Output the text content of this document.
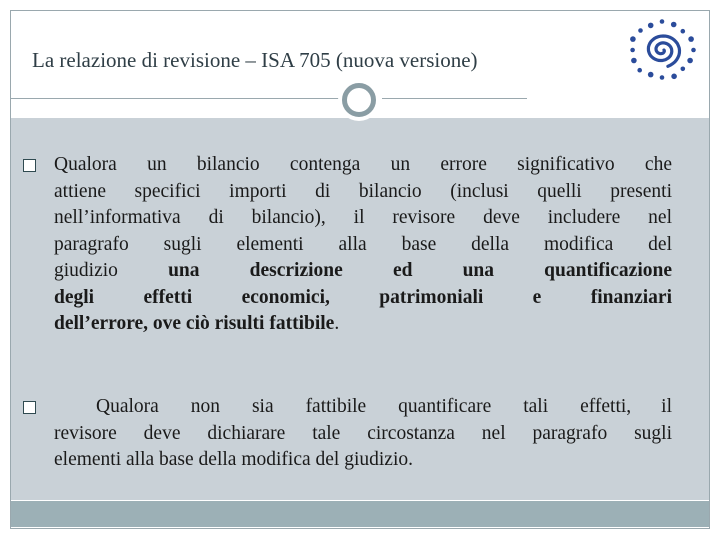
La relazione di revisione – ISA 705 (nuova versione)
Qualora un bilancio contenga un errore significativo che
attiene specifici importi di bilancio (inclusi quelli presenti
nell’informativa di bilancio), il revisore deve includere nel
paragrafo sugli elementi alla base della modifica del
giudizio	una descrizione ed una quantificazione
degli effetti economici, patrimoniali e finanziari
dell’errore, ove ciò risulti fattibile.
Qualora non sia fattibile quantificare tali effetti, il
revisore deve dichiarare tale circostanza nel paragrafo sugli
elementi alla base della modifica del giudizio.
